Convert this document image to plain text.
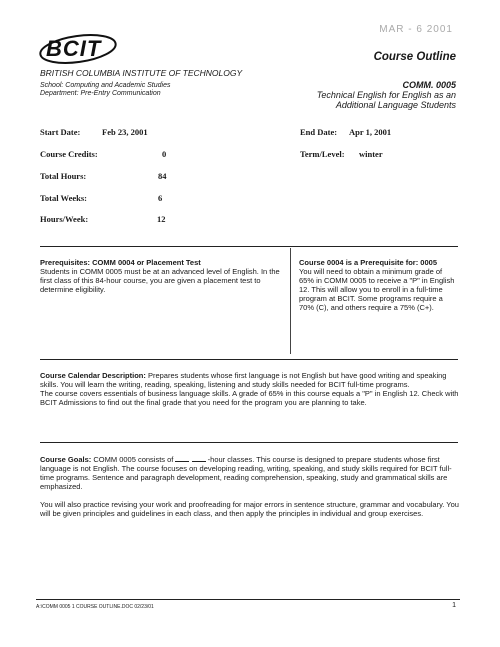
BCIT
MAR - 6 2001
Course Outline
BRITISH COLUMBIA INSTITUTE OF TECHNOLOGY
School: Computing and Academic Studies
Department: Pre-Entry Communication
COMM. 0005
Technical English for English as an
Additional Language Students
Start Date:	Feb 23, 2001	End Date: Apr 1, 2001
Course Credits:	0	Term/Level: winter
Total Hours:	84
Total Weeks:	6
Hours/Week:	12
Prerequisites: COMM 0004 or Placement Test
Students in COMM 0005 must be at an advanced level of English. In the first class of this 84-hour course, you are given a placement test to determine eligibility.
Course 0004 is a Prerequisite for: 0005
You will need to obtain a minimum grade of 65% in COMM 0005 to receive a "P" in English 12. This will allow you to enroll in a full-time program at BCIT. Some programs require a 70% (C), and others require a 75% (C+).
Course Calendar Description: Prepares students whose first language is not English but have good writing and speaking skills. You will learn the writing, reading, speaking, listening and study skills needed for BCIT full-time programs.
The course covers essentials of business language skills. A grade of 65% in this course equals a "P" in English 12. Check with BCIT Admissions to find out the final grade that you need for the program you are planning to take.
Course Goals: COMM 0005 consists of	-hour classes. This course is designed to prepare students whose first language is not English. The course focuses on developing reading, writing, speaking, and study skills required for BCIT full-time programs. Sentence and paragraph development, reading comprehension, speaking, study and grammatical skills are emphasized.
You will also practice revising your work and proofreading for major errors in sentence structure, grammar and vocabulary. You will be given principles and guidelines in each class, and then apply the principles in individual and group exercises.
A:\COMM 0005 1 COURSE OUTLINE.DOC 02/23/01	1
